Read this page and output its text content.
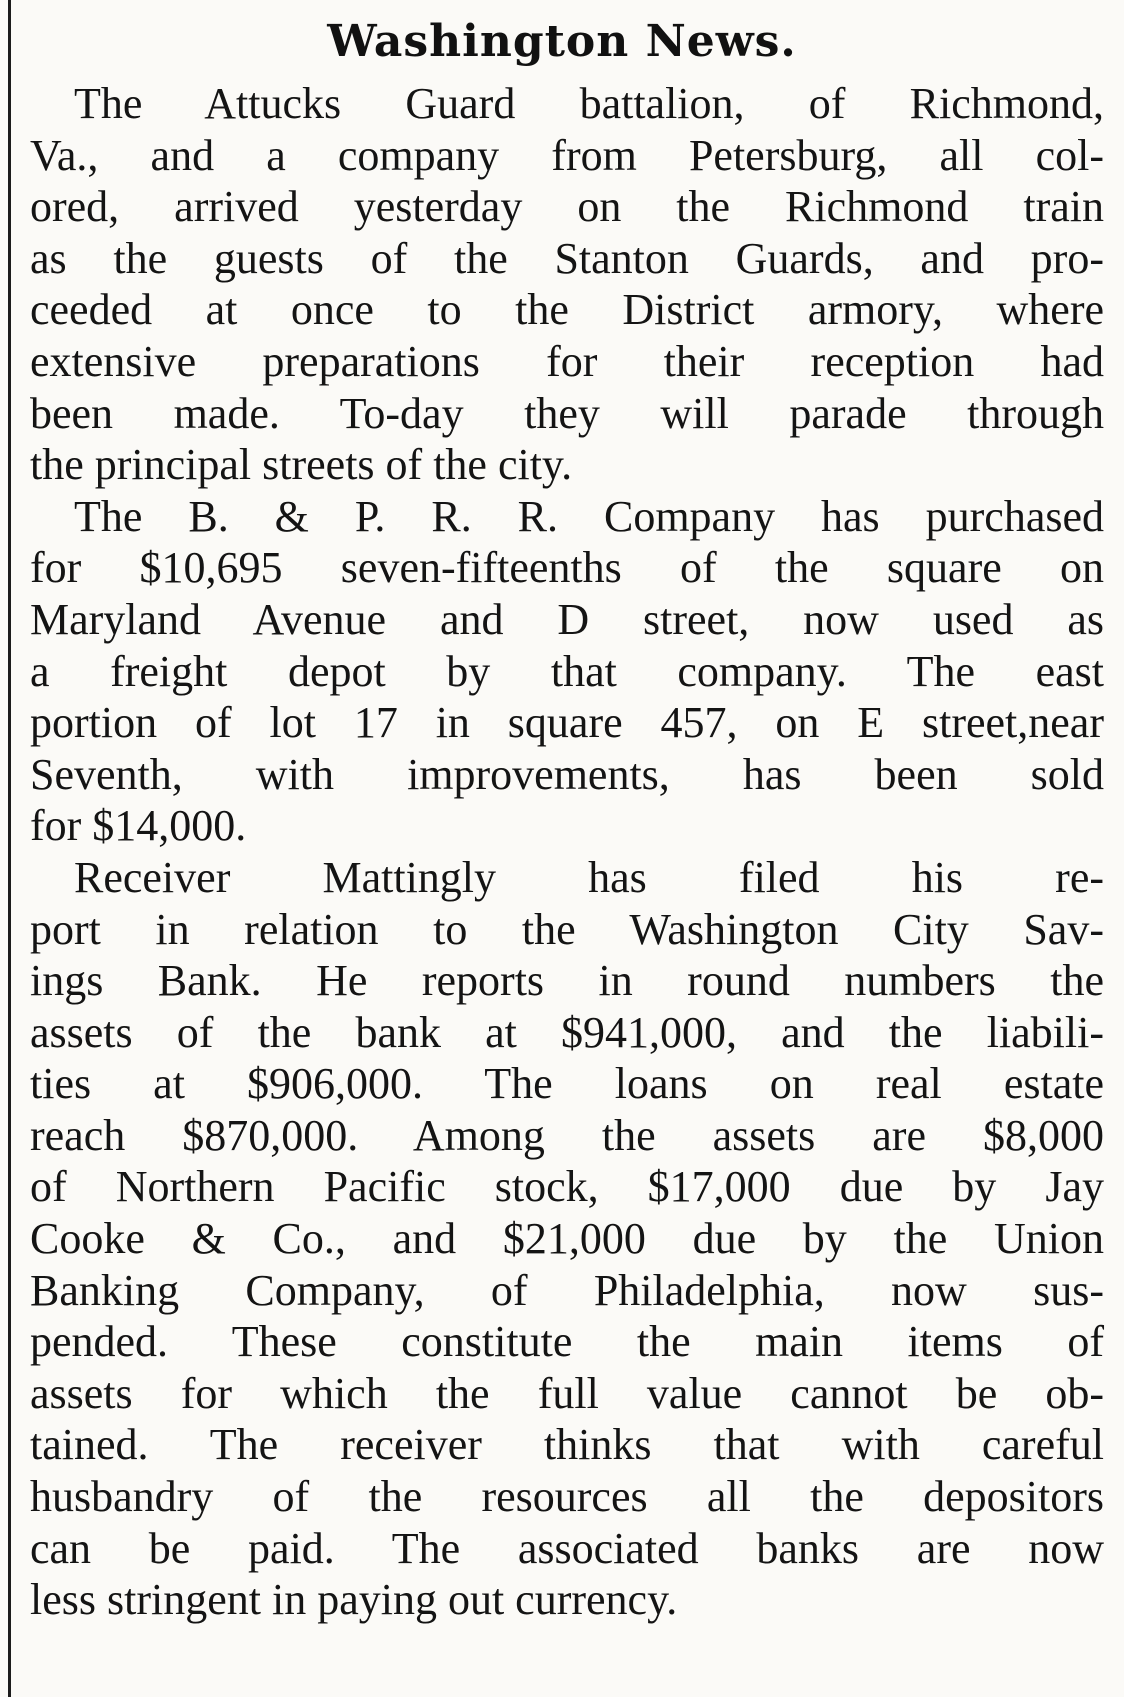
Washington News.
The Attucks Guard battalion, of Richmond,
Va., and a company from Petersburg, all col-
ored, arrived yesterday on the Richmond train
as the guests of the Stanton Guards, and pro-
ceeded at once to the District armory, where
extensive preparations for their reception had
been made. To-day they will parade through
the principal streets of the city.
The B. & P. R. R. Company has purchased
for $10,695 seven-fifteenths of the square on
Maryland Avenue and D street, now used as
a freight depot by that company. The east
portion of lot 17 in square 457, on E street,near
Seventh, with improvements, has been sold
for $14,000.
Receiver Mattingly has filed his re-
port in relation to the Washington City Sav-
ings Bank. He reports in round numbers the
assets of the bank at $941,000, and the liabili-
ties at $906,000. The loans on real estate
reach $870,000. Among the assets are $8,000
of Northern Pacific stock, $17,000 due by Jay
Cooke & Co., and $21,000 due by the Union
Banking Company, of Philadelphia, now sus-
pended. These constitute the main items of
assets for which the full value cannot be ob-
tained. The receiver thinks that with careful
husbandry of the resources all the depositors
can be paid. The associated banks are now
less stringent in paying out currency.
